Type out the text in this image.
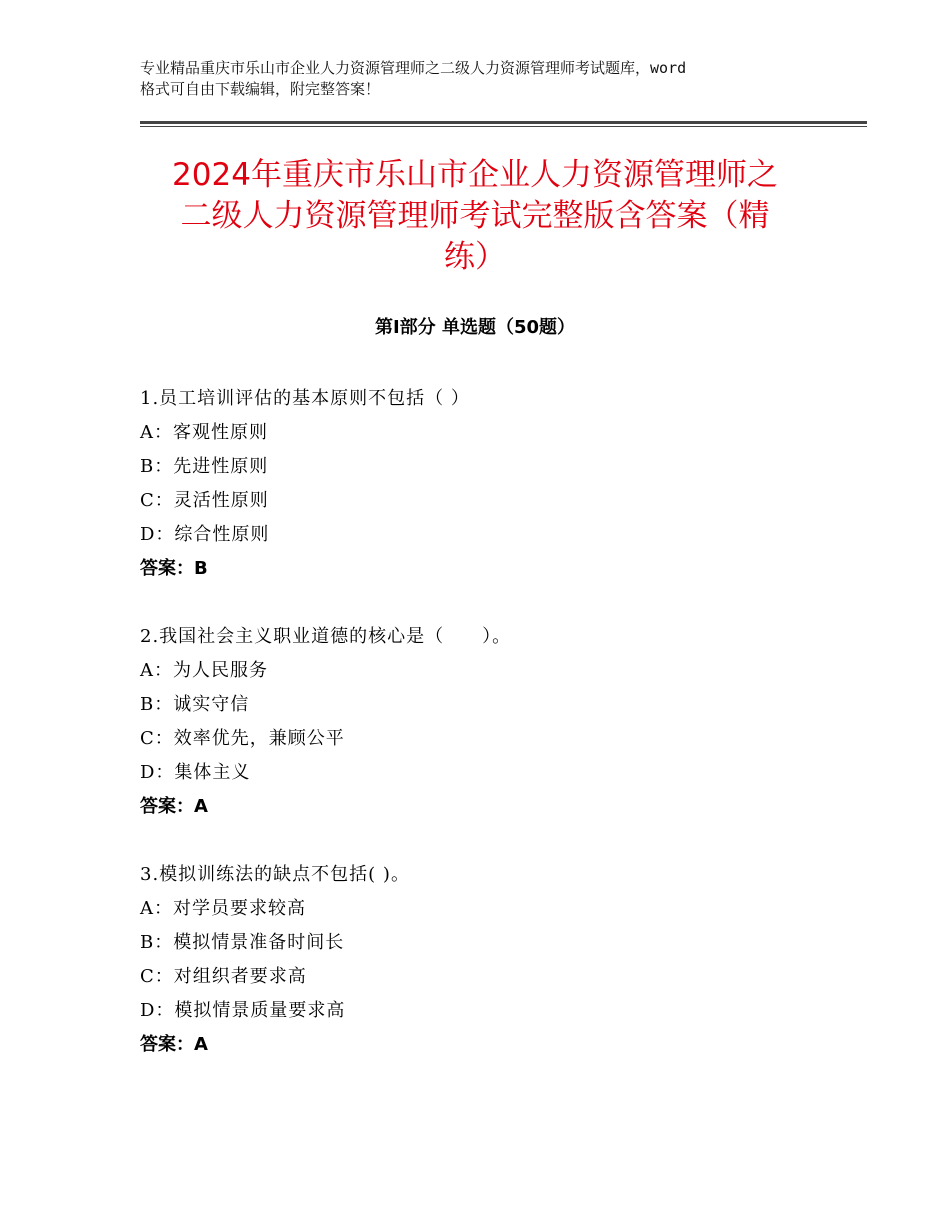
专业精品重庆市乐山市企业人力资源管理师之二级人力资源管理师考试题库，word
格式可自由下载编辑，附完整答案！
2024年重庆市乐山市企业人力资源管理师之
二级人力资源管理师考试完整版含答案（精
练）
第Ⅰ部分 单选题（50题）
1.员工培训评估的基本原则不包括（ ）
A：客观性原则
B：先进性原则
C：灵活性原则
D：综合性原则
答案：B
2.我国社会主义职业道德的核心是（　　）。
A：为人民服务
B：诚实守信
C：效率优先，兼顾公平
D：集体主义
答案：A
3.模拟训练法的缺点不包括( )。
A：对学员要求较高
B：模拟情景准备时间长
C：对组织者要求高
D：模拟情景质量要求高
答案：A
